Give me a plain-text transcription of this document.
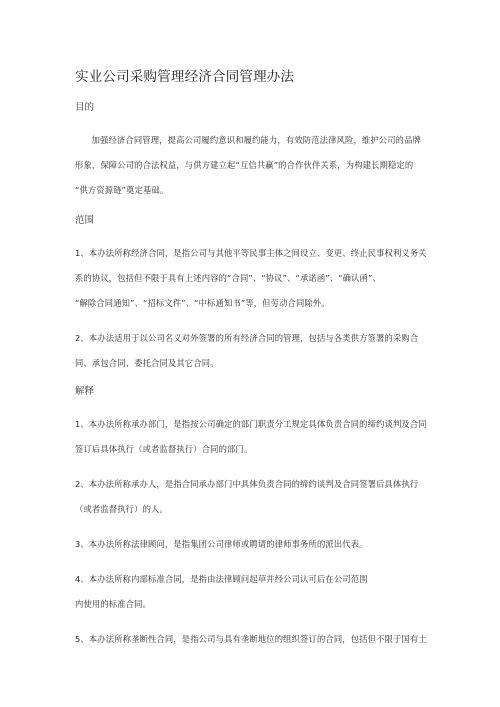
实业公司采购管理经济合同管理办法
目的

加强经济合同管理，提高公司履约意识和履约能力，有效防范法律风险，维护公司的品牌
形象，保障公司的合法权益，与供方建立起“互信共赢”的合作伙伴关系，为构建长期稳定的
“供方资源链”奠定基础。

范围

1、本办法所称经济合同，是指公司与其他平等民事主体之间设立、变更、终止民事权利义务关
系的协议，包括但不限于具有上述内容的“合同”、“协议”、“承诺函”、“确认函”、
“解除合同通知”、“招标文件”、“中标通知书”等，但劳动合同除外。

2、本办法适用于以公司名义对外签署的所有经济合同的管理，包括与各类供方签署的采购合
同、承包合同、委托合同及其它合同。

解释

1、本办法所称承办部门，是指按公司确定的部门职责分工规定具体负责合同的缔约谈判及合同
签订后具体执行（或者监督执行）合同的部门。

2、本办法所称承办人，是指合同承办部门中具体负责合同的缔约谈判及合同签署后具体执行
（或者监督执行）的人。

3、本办法所称法律顾问，是指集团公司律师或聘请的律师事务所的派出代表。

4、本办法所称内部标准合同，是指由法律顾问起草并经公司认可后在公司范围
内使用的标准合同。

5、本办法所称垄断性合同，是指公司与具有垄断地位的组织签订的合同，包括但不限于国有土
